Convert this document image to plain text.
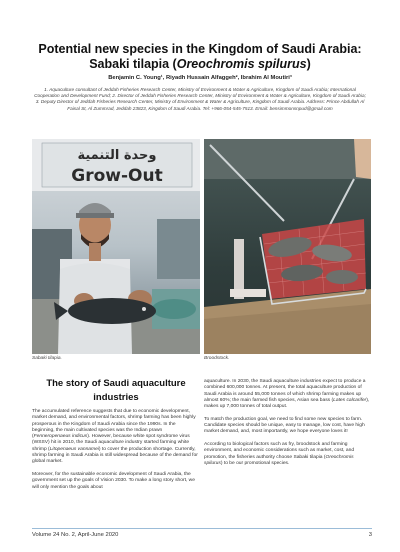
Potential new species in the Kingdom of Saudi Arabia:
Sabaki tilapia (Oreochromis spilurus)
Benjamin C. Young¹, Riyadh Hussain Alfaggeh², Ibrahim Al Moutiri³
1. Aquaculture consultant of Jeddah Fisheries Research Center, Ministry of Environment & Water & Agriculture, Kingdom of Saudi Arabia; International Cooperation and Development Fund; 2. Director of Jeddah Fisheries Research Center, Ministry of Environment & Water & Agriculture, Kingdom of Saudi Arabia; 3. Deputy Director of Jeddah Fisheries Research Center, Ministry of Environment & Water & Agriculture, Kingdom of Saudi Arabia. Address: Prince Abdullah Al Faisal St, Al Zummrad, Jeddah 23823, Kingdom of Saudi Arabia. Tel: +966-054-545-7513. Email: bensimmonsnpud@gmail.com
وحدة التنمية
Grow-Out
Sabaki tilapia.	Broodstock.
The story of Saudi aquaculture
industries

The accumulated reference suggests that due to economic development, market demand, and environmental factors, shrimp farming has been highly prosperous in the Kingdom of Saudi Arabia since the 1990s. In the beginning, the main cultivated species was the Indian prawn (Fenneropenaeus indicus). However, because white spot syndrome virus (WSSV) hit in 2010, the Saudi aquaculture industry started farming white shrimp (Litopenaeus vannamei) to cover the production shortage. Currently, shrimp farming in Saudi Arabia is still widespread because of the demand for global market.

Moreover, for the sustainable economic development of Saudi Arabia, the government set up the goals of Vision 2030. To make a long story short, we will only mention the goals about

aquaculture. In 2030, the Saudi aquaculture industries expect to produce a combined 600,000 tonnes. At present, the total aquaculture production of Saudi Arabia is around 55,000 tonnes of which shrimp farming makes up almost 60%; the main farmed fish species, Asian sea bass (Lates calcarifer), makes up 7,000 tonnes of total output.

To match the production goal, we need to find some new species to farm. Candidate species should be unique, easy to manage, low cost, have high market demand, and, most importantly, we hope everyone loves it!

According to biological factors such as fry, broodstock and farming environment, and economic considerations such as market, cost, and promotion, the fisheries authority choose Sabaki tilapia (Oreochromis spilurus) to be our promotional species.

Volume 24 No. 2, April-June 2020	3
